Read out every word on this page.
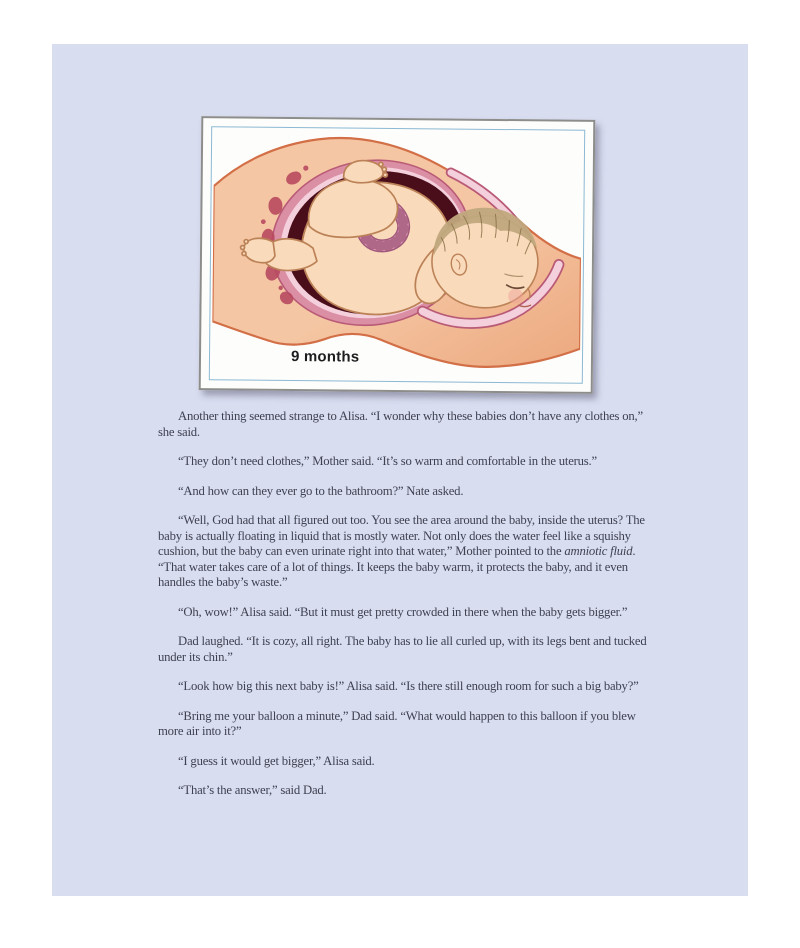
9 months

Another thing seemed strange to Alisa. “I wonder why these babies don’t have any clothes on,” she said.

“They don’t need clothes,” Mother said. “It’s so warm and comfortable in the uterus.”

“And how can they ever go to the bathroom?” Nate asked.

“Well, God had that all figured out too. You see the area around the baby, inside the uterus? The baby is actually floating in liquid that is mostly water. Not only does the water feel like a squishy cushion, but the baby can even urinate right into that water,” Mother pointed to the amniotic fluid. “That water takes care of a lot of things. It keeps the baby warm, it protects the baby, and it even handles the baby’s waste.”

“Oh, wow!” Alisa said. “But it must get pretty crowded in there when the baby gets bigger.”

Dad laughed. “It is cozy, all right. The baby has to lie all curled up, with its legs bent and tucked under its chin.”

“Look how big this next baby is!” Alisa said. “Is there still enough room for such a big baby?”

“Bring me your balloon a minute,” Dad said. “What would happen to this balloon if you blew more air into it?”

“I guess it would get bigger,” Alisa said.

“That’s the answer,” said Dad.
